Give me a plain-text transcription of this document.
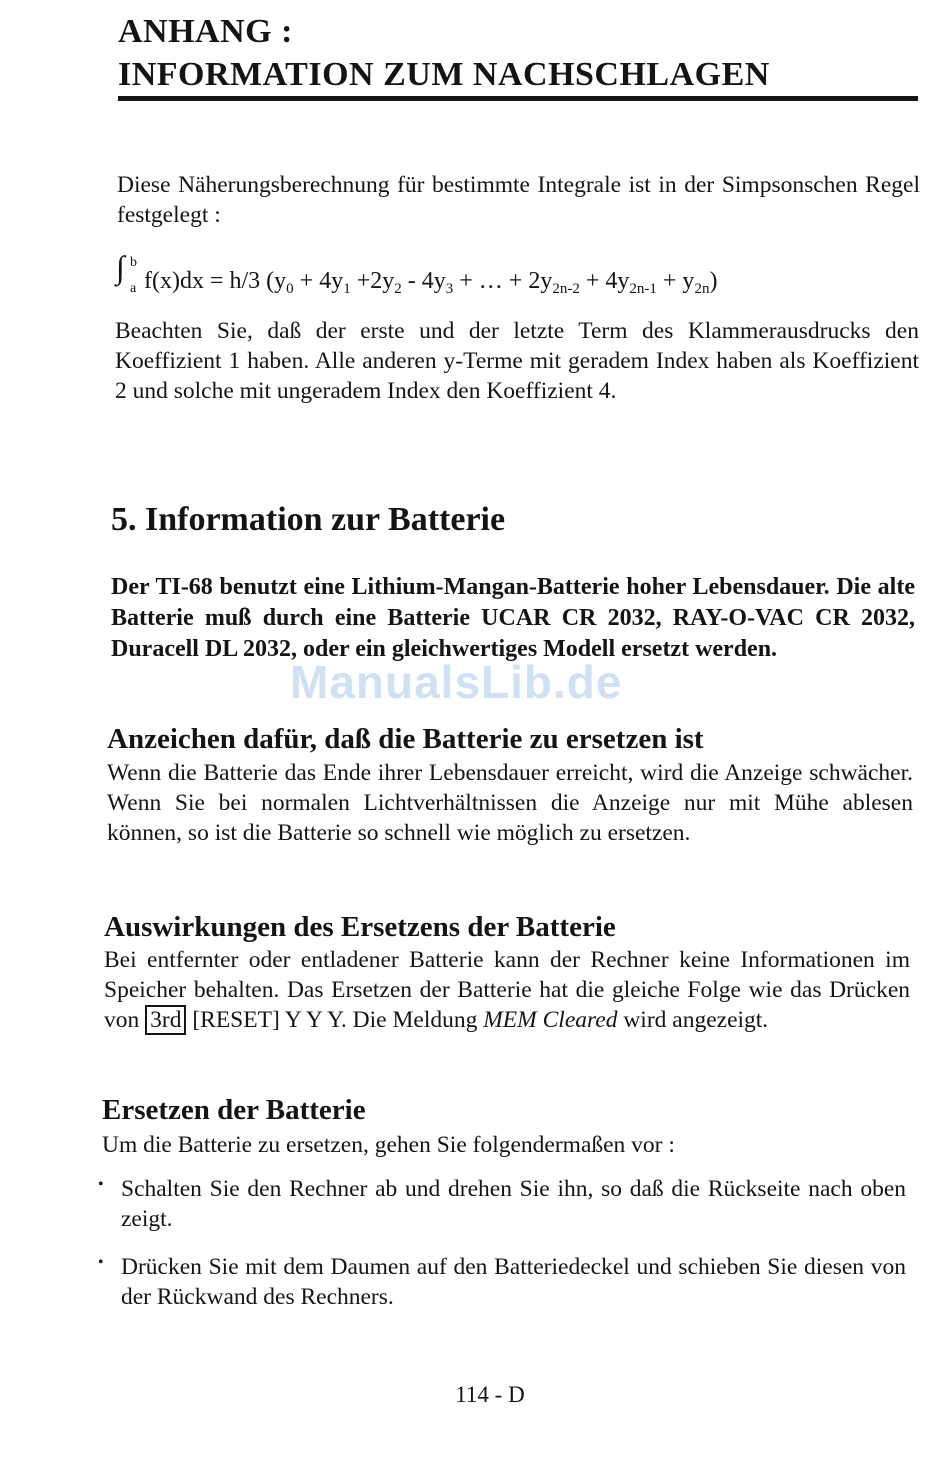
ANHANG :
INFORMATION ZUM NACHSCHLAGEN
Diese Näherungsberechnung für bestimmte Integrale ist in der Simpsonschen Regel festgelegt :
∫ b
a f(x)dx = h/3 ($y_0 + 4y_1 +2y_2 - 4y_3$ + … + $2y_{2n-2} + 4y_{2n-1} + y_{2n}$)
Beachten Sie, daß der erste und der letzte Term des Klammerausdrucks den Koeffizient 1 haben. Alle anderen y-Terme mit geradem Index haben als Koeffizient 2 und solche mit ungeradem Index den Koeffizient 4.
5. Information zur Batterie
Der TI-68 benutzt eine Lithium-Mangan-Batterie hoher Lebensdauer. Die alte Batterie muß durch eine Batterie UCAR CR 2032, RAY-O-VAC CR 2032, Duracell DL 2032, oder ein gleichwertiges Modell ersetzt werden.
ManualsLib.de
Anzeichen dafür, daß die Batterie zu ersetzen ist
Wenn die Batterie das Ende ihrer Lebensdauer erreicht, wird die Anzeige schwächer. Wenn Sie bei normalen Lichtverhältnissen die Anzeige nur mit Mühe ablesen können, so ist die Batterie so schnell wie möglich zu ersetzen.
Auswirkungen des Ersetzens der Batterie
Bei entfernter oder entladener Batterie kann der Rechner keine Informationen im Speicher behalten. Das Ersetzen der Batterie hat die gleiche Folge wie das Drücken von 3rd [RESET] Y Y Y. Die Meldung MEM Cleared wird angezeigt.
Ersetzen der Batterie
Um die Batterie zu ersetzen, gehen Sie folgendermaßen vor :
• Schalten Sie den Rechner ab und drehen Sie ihn, so daß die Rückseite nach oben zeigt.
• Drücken Sie mit dem Daumen auf den Batteriedeckel und schieben Sie diesen von der Rückwand des Rechners.
114 - D
